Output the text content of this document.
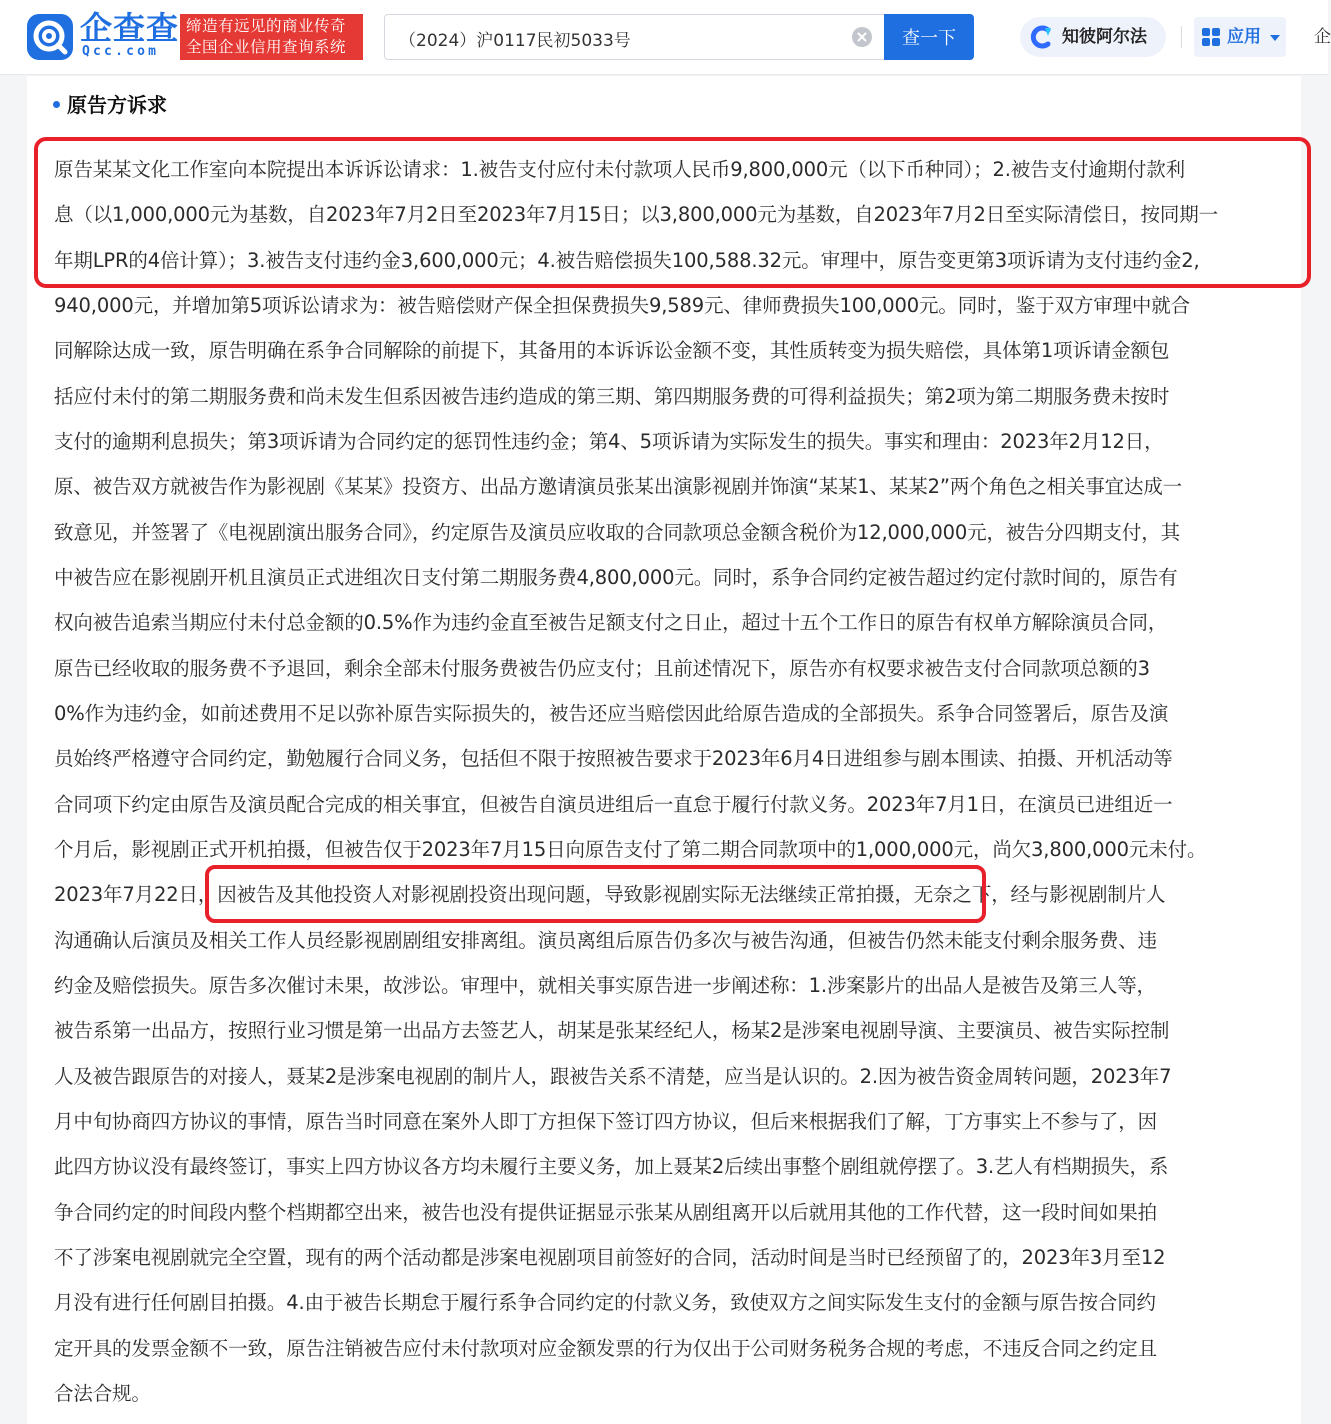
企查查
Qcc.com
缔造有远见的商业传奇
全国企业信用查询系统
（2024）沪0117民初5033号	查一下	知彼阿尔法	应用	企
原告方诉求
原告某某文化工作室向本院提出本诉诉讼请求：1.被告支付应付未付款项人民币9,800,000元（以下币种同）；2.被告支付逾期付款利
息（以1,000,000元为基数，自2023年7月2日至2023年7月15日；以3,800,000元为基数，自2023年7月2日至实际清偿日，按同期一
年期LPR的4倍计算）；3.被告支付违约金3,600,000元；4.被告赔偿损失100,588.32元。审理中，原告变更第3项诉请为支付违约金2,
940,000元，并增加第5项诉讼请求为：被告赔偿财产保全担保费损失9,589元、律师费损失100,000元。同时，鉴于双方审理中就合
同解除达成一致，原告明确在系争合同解除的前提下，其备用的本诉诉讼金额不变，其性质转变为损失赔偿，具体第1项诉请金额包
括应付未付的第二期服务费和尚未发生但系因被告违约造成的第三期、第四期服务费的可得利益损失；第2项为第二期服务费未按时
支付的逾期利息损失；第3项诉请为合同约定的惩罚性违约金；第4、5项诉请为实际发生的损失。事实和理由：2023年2月12日，
原、被告双方就被告作为影视剧《某某》投资方、出品方邀请演员张某出演影视剧并饰演“某某1、某某2”两个角色之相关事宜达成一
致意见，并签署了《电视剧演出服务合同》，约定原告及演员应收取的合同款项总金额含税价为12,000,000元，被告分四期支付，其
中被告应在影视剧开机且演员正式进组次日支付第二期服务费4,800,000元。同时，系争合同约定被告超过约定付款时间的，原告有
权向被告追索当期应付未付总金额的0.5%作为违约金直至被告足额支付之日止，超过十五个工作日的原告有权单方解除演员合同，
原告已经收取的服务费不予退回，剩余全部未付服务费被告仍应支付；且前述情况下，原告亦有权要求被告支付合同款项总额的3
0%作为违约金，如前述费用不足以弥补原告实际损失的，被告还应当赔偿因此给原告造成的全部损失。系争合同签署后，原告及演
员始终严格遵守合同约定，勤勉履行合同义务，包括但不限于按照被告要求于2023年6月4日进组参与剧本围读、拍摄、开机活动等
合同项下约定由原告及演员配合完成的相关事宜，但被告自演员进组后一直怠于履行付款义务。2023年7月1日，在演员已进组近一
个月后，影视剧正式开机拍摄，但被告仅于2023年7月15日向原告支付了第二期合同款项中的1,000,000元，尚欠3,800,000元未付。
2023年7月22日，因被告及其他投资人对影视剧投资出现问题，导致影视剧实际无法继续正常拍摄，无奈之下，经与影视剧制片人
沟通确认后演员及相关工作人员经影视剧剧组安排离组。演员离组后原告仍多次与被告沟通，但被告仍然未能支付剩余服务费、违
约金及赔偿损失。原告多次催讨未果，故涉讼。审理中，就相关事实原告进一步阐述称：1.涉案影片的出品人是被告及第三人等，
被告系第一出品方，按照行业习惯是第一出品方去签艺人，胡某是张某经纪人，杨某2是涉案电视剧导演、主要演员、被告实际控制
人及被告跟原告的对接人，聂某2是涉案电视剧的制片人，跟被告关系不清楚，应当是认识的。2.因为被告资金周转问题，2023年7
月中旬协商四方协议的事情，原告当时同意在案外人即丁方担保下签订四方协议，但后来根据我们了解，丁方事实上不参与了，因
此四方协议没有最终签订，事实上四方协议各方均未履行主要义务，加上聂某2后续出事整个剧组就停摆了。3.艺人有档期损失，系
争合同约定的时间段内整个档期都空出来，被告也没有提供证据显示张某从剧组离开以后就用其他的工作代替，这一段时间如果拍
不了涉案电视剧就完全空置，现有的两个活动都是涉案电视剧项目前签好的合同，活动时间是当时已经预留了的，2023年3月至12
月没有进行任何剧目拍摄。4.由于被告长期怠于履行系争合同约定的付款义务，致使双方之间实际发生支付的金额与原告按合同约
定开具的发票金额不一致，原告注销被告应付未付款项对应金额发票的行为仅出于公司财务税务合规的考虑，不违反合同之约定且
合法合规。
